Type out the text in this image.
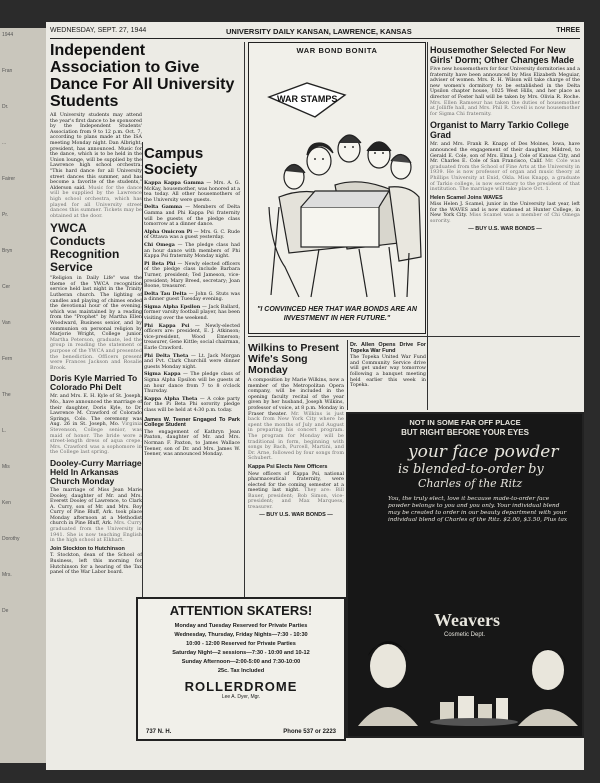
1944
Fran
Dr.
...
Fairer
Pr.
Bryn
Cer
Van
Fern
The
L.
Mis
Ken
Dorothy
Mrs.
De
WEDNESDAY, SEPT. 27, 1944	UNIVERSITY DAILY KANSAN, LAWRENCE, KANSAS	THREE
Independent Association to Give Dance For All University Students
All University students may attend the year's first dance to be sponsored by the Independent Students' Association from 9 to 12 p.m. Oct. 7, according to plans made at the ISA meeting Monday night. Dan Albright, president, has announced. Music for the dance, which is to be held in the Union lounge, will be supplied by the Lawrence high school orchestra. "This hard dance for all University street dances this summer, and has become a favorite of the students," Alderson said. Music for the dance will be supplied by the Lawrence high school orchestra, which has played for all University street dances this summer. Tickets may be obtained at the door.
YWCA Conducts Recognition Service
"Religion in Daily Life" was the theme of the YWCA recognition service held last night in the Trinity Lutheran church. The lighting of candles and playing of chimes ended the devotional hour of the evening, which was maintained by a reading from the "Prophet" by Martha Ellen Woodward, Business senior, and by communion on personal religion by Marjorie Wright, College junior. Martha Peterson, graduate, led the group in reading the statement of purpose of the YWCA and presented the benediction. Officers present were Frances Jackson and Rosalie Brook.
Doris Kyle Married To Colorado Phi Delt
Mr. and Mrs. E. H. Kyle of St. Joseph, Mo., have announced the marriage of their daughter, Doris Kyle, to Dr. Lawrence M. Crawford of Colorado Springs, Colo. The ceremony was Aug. 26 in St. Joseph, Mo. Virginia Stevenson, College senior, was maid of honor. The bride wore a street-length dress of aqua crepe. Mrs. Crawford was a sophomore in the College last spring.
Dooley-Curry Marriage Held In Arkansas Church Monday
The marriage of Miss Jean Marie Dooley, daughter of Mr. and Mrs. Everett Dooley of Lawrence, to Clark A. Curry, son of Mr. and Mrs. Roy Curry of Pine Bluff, Ark. took place Monday afternoon at a Methodist church in Pine Bluff, Ark. Mrs. Curry graduated from the University in 1941. She is now teaching English in the high school at Elkhart.
Join Stockton to Hutchinson
T. Stockton, dean of the School of Business, left this morning for Hutchinson for a hearing of the Tax panel of the War Labor board.
Campus Society
Kappa Kappa Gamma — Mrs. A. G. McKay, housemother, was honored at a tea today. All other housemothers of the University were guests.
Delta Gamma — Members of Delta Gamma and Phi Kappa Psi fraternity will be guests of the pledge class tomorrow at a dinner dance.
Alpha Omicron Pi — Mrs. G. C. Rude of Ottawa was a guest yesterday.
Chi Omega — The pledge class had an hour dance with members of Phi Kappa Psi fraternity Monday night.
Pi Beta Phi — Newly elected officers of the pledge class include Barbara Turner, president; Ted Jameson, vice-president; Mary Breed, secretary; Joan Boone, treasurer.
Delta Tau Delta — John G. Stuts was a dinner guest Tuesday evening.
Sigma Alpha Epsilon — Jack Ballard, former varsity football player, has been visiting over the weekend.
Phi Kappa Psi — Newly-elected officers are: president, E. J. Atkinson; vice-president, Wood Emerson; treasurer, Gene Kittle; social chairman, Earle Crawford.
Phi Delta Theta — Lt. Jack Morgan and Pvt. Clark Churchill were dinner guests Monday night.
Sigma Kappa — The pledge class of Sigma Alpha Epsilon will be guests at an hour dance from 7 to 8 o'clock Thursday.
Kappa Alpha Theta — A coke party for the Pi Beta Phi sorority pledge class will be held at 4:30 p.m. today.
James W. Teener Engaged To Park College Student
The engagement of Kathryn Jean Paxton, daughter of Mr. and Mrs. Norman F. Paxton, to James Wallace Teener, son of Dr. and Mrs. James W. Teener, was announced Monday.
WAR BOND BONITA
WAR STAMPS
"I CONVINCED HER THAT WAR BONDS ARE AN INVESTMENT IN HER FUTURE."
Housemother Selected For New Girls' Dorm; Other Changes Made
Five new housemothers for four University dormitories and a fraternity have been announced by Miss Elizabeth Meguiar, adviser of women. Mrs. R. H. Wilson will take charge of the new women's dormitory to be established in the Delta Upsilon chapter house, 1025 West Hills, and her place as director of Foster hall will be taken by Mrs. Olivia R. Roche. Mrs. Ellen Ramseur has taken the duties of housemother at Jolliffe hall, and Mrs. Phil R. Covell is now housemother for Sigma Chi fraternity.
Organist to Marry Tarkio College Grad
Mr. and Mrs. Frank R. Knapp of Des Moines, Iowa, have announced the engagement of their daughter, Mildred, to Gerald E. Cole, son of Mrs. Elma J. Cole of Kansas City, and Mr. Charles E. Cole of San Francisco, Calif. Mr. Cole was graduated from the School of Fine Arts at the University in 1939. He is now professor of organ and music theory at Phillips University at Enid, Okla. Miss Knapp, a graduate of Tarkio college, is now secretary to the president of that institution. The marriage will take place Oct. 1.
Helen Scamel Joins WAVES
Miss Helen J. Scamel, junior in the University last year, left for the WAVES and is now stationed at Hunter College, in New York City. Miss Scamel was a member of Chi Omega sorority.
— BUY U.S. WAR BONDS —
Wilkins to Present Wife's Song Monday
A composition by Marie Wilkins, now a member of the Metropolitan Opera company, will be included in the opening faculty recital of the year given by her husband, Joseph Wilkins, professor of voice, at 8 p.m. Monday in Fraser theater. Mr. Wilkins is just back from New York City where he spent the months of July and August in preparing his concert program. The program for Monday will be traditional in form, beginning with songs by Bach, Purcell, Martini, and Dr. Arne, followed by four songs from Schubert.
Kappa Psi Elects New Officers
New officers of Kappa Psi, national pharmaceutical fraternity, were elected for the coming semester at a meeting last night. They are: Bill Bauer, president; Bob Simon, vice-president; and Max Marquess, treasurer.
— BUY U.S. WAR BONDS —
Dr. Allen Opens Drive For Topeka War Fund
The Topeka United War Fund and Community Service drive will get under way tomorrow following a banquet meeting held earlier this week in Topeka.
ATTENTION SKATERS!
Monday and Tuesday Reserved for Private Parties
Wednesday, Thursday, Friday Nights—7:30 - 10:30
10:00 - 12:00 Reserved for Private Parties
Saturday Night—2 sessions—7:30 - 10:00 and 10-12
Sunday Afternoon—2:00-5:00 and 7:30-10:00
25c. Tax Included
ROLLERDROME
Lee A. Dyer, Mgr.
737 N. H.	Phone 537 or 2223
NOT IN SOME FAR OFF PLACE
BUT RIGHT BEFORE YOUR EYES
your face powder
is blended-to-order by
Charles of the Ritz
You, the truly elect, love it because made-to-order face powder belongs to you and you only. Your individual blend may be created to order in our beauty department with your individual blend of Charles of the Ritz. $2.00, $3.50, Plus tax
Weavers
Cosmetic Dept.
